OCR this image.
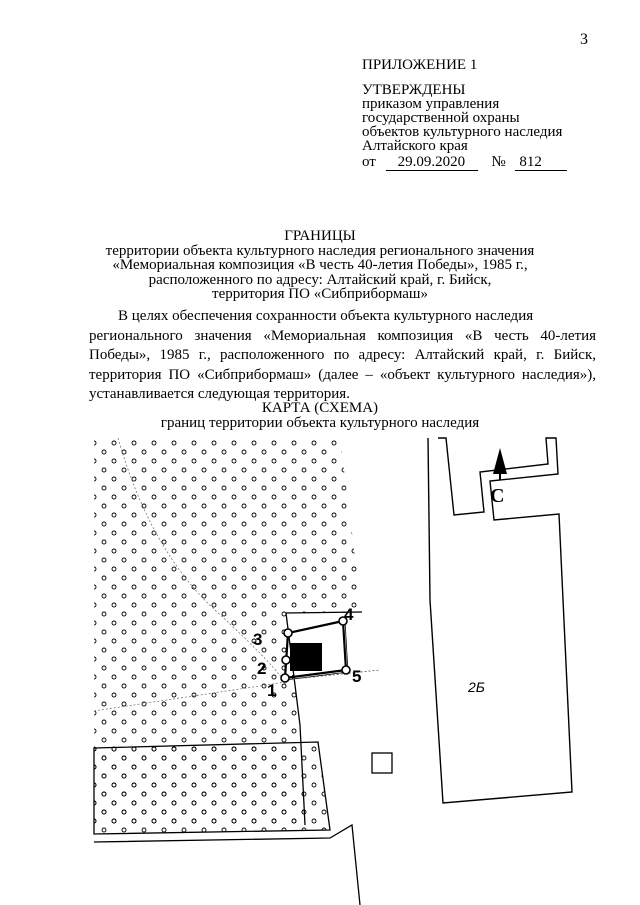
3
ПРИЛОЖЕНИЕ 1
УТВЕРЖДЕНЫ
приказом управления
государственной охраны
объектов культурного наследия
Алтайского края
от 29.09.2020 № 812
ГРАНИЦЫ
территории объекта культурного наследия регионального значения
«Мемориальная композиция «В честь 40-летия Победы», 1985 г.,
расположенного по адресу: Алтайский край, г. Бийск,
территория ПО «Сибприбормаш»
В целях обеспечения сохранности объекта культурного наследия
регионального значения «Мемориальная композиция «В честь 40-летия Победы», 1985 г., расположенного по адресу: Алтайский край, г. Бийск, территория ПО «Сибприбормаш» (далее – «объект культурного наследия»), устанавливается следующая территория.
КАРТА (СХЕМА)
границ территории объекта культурного наследия
1
2
3
4
5
2Б
С
